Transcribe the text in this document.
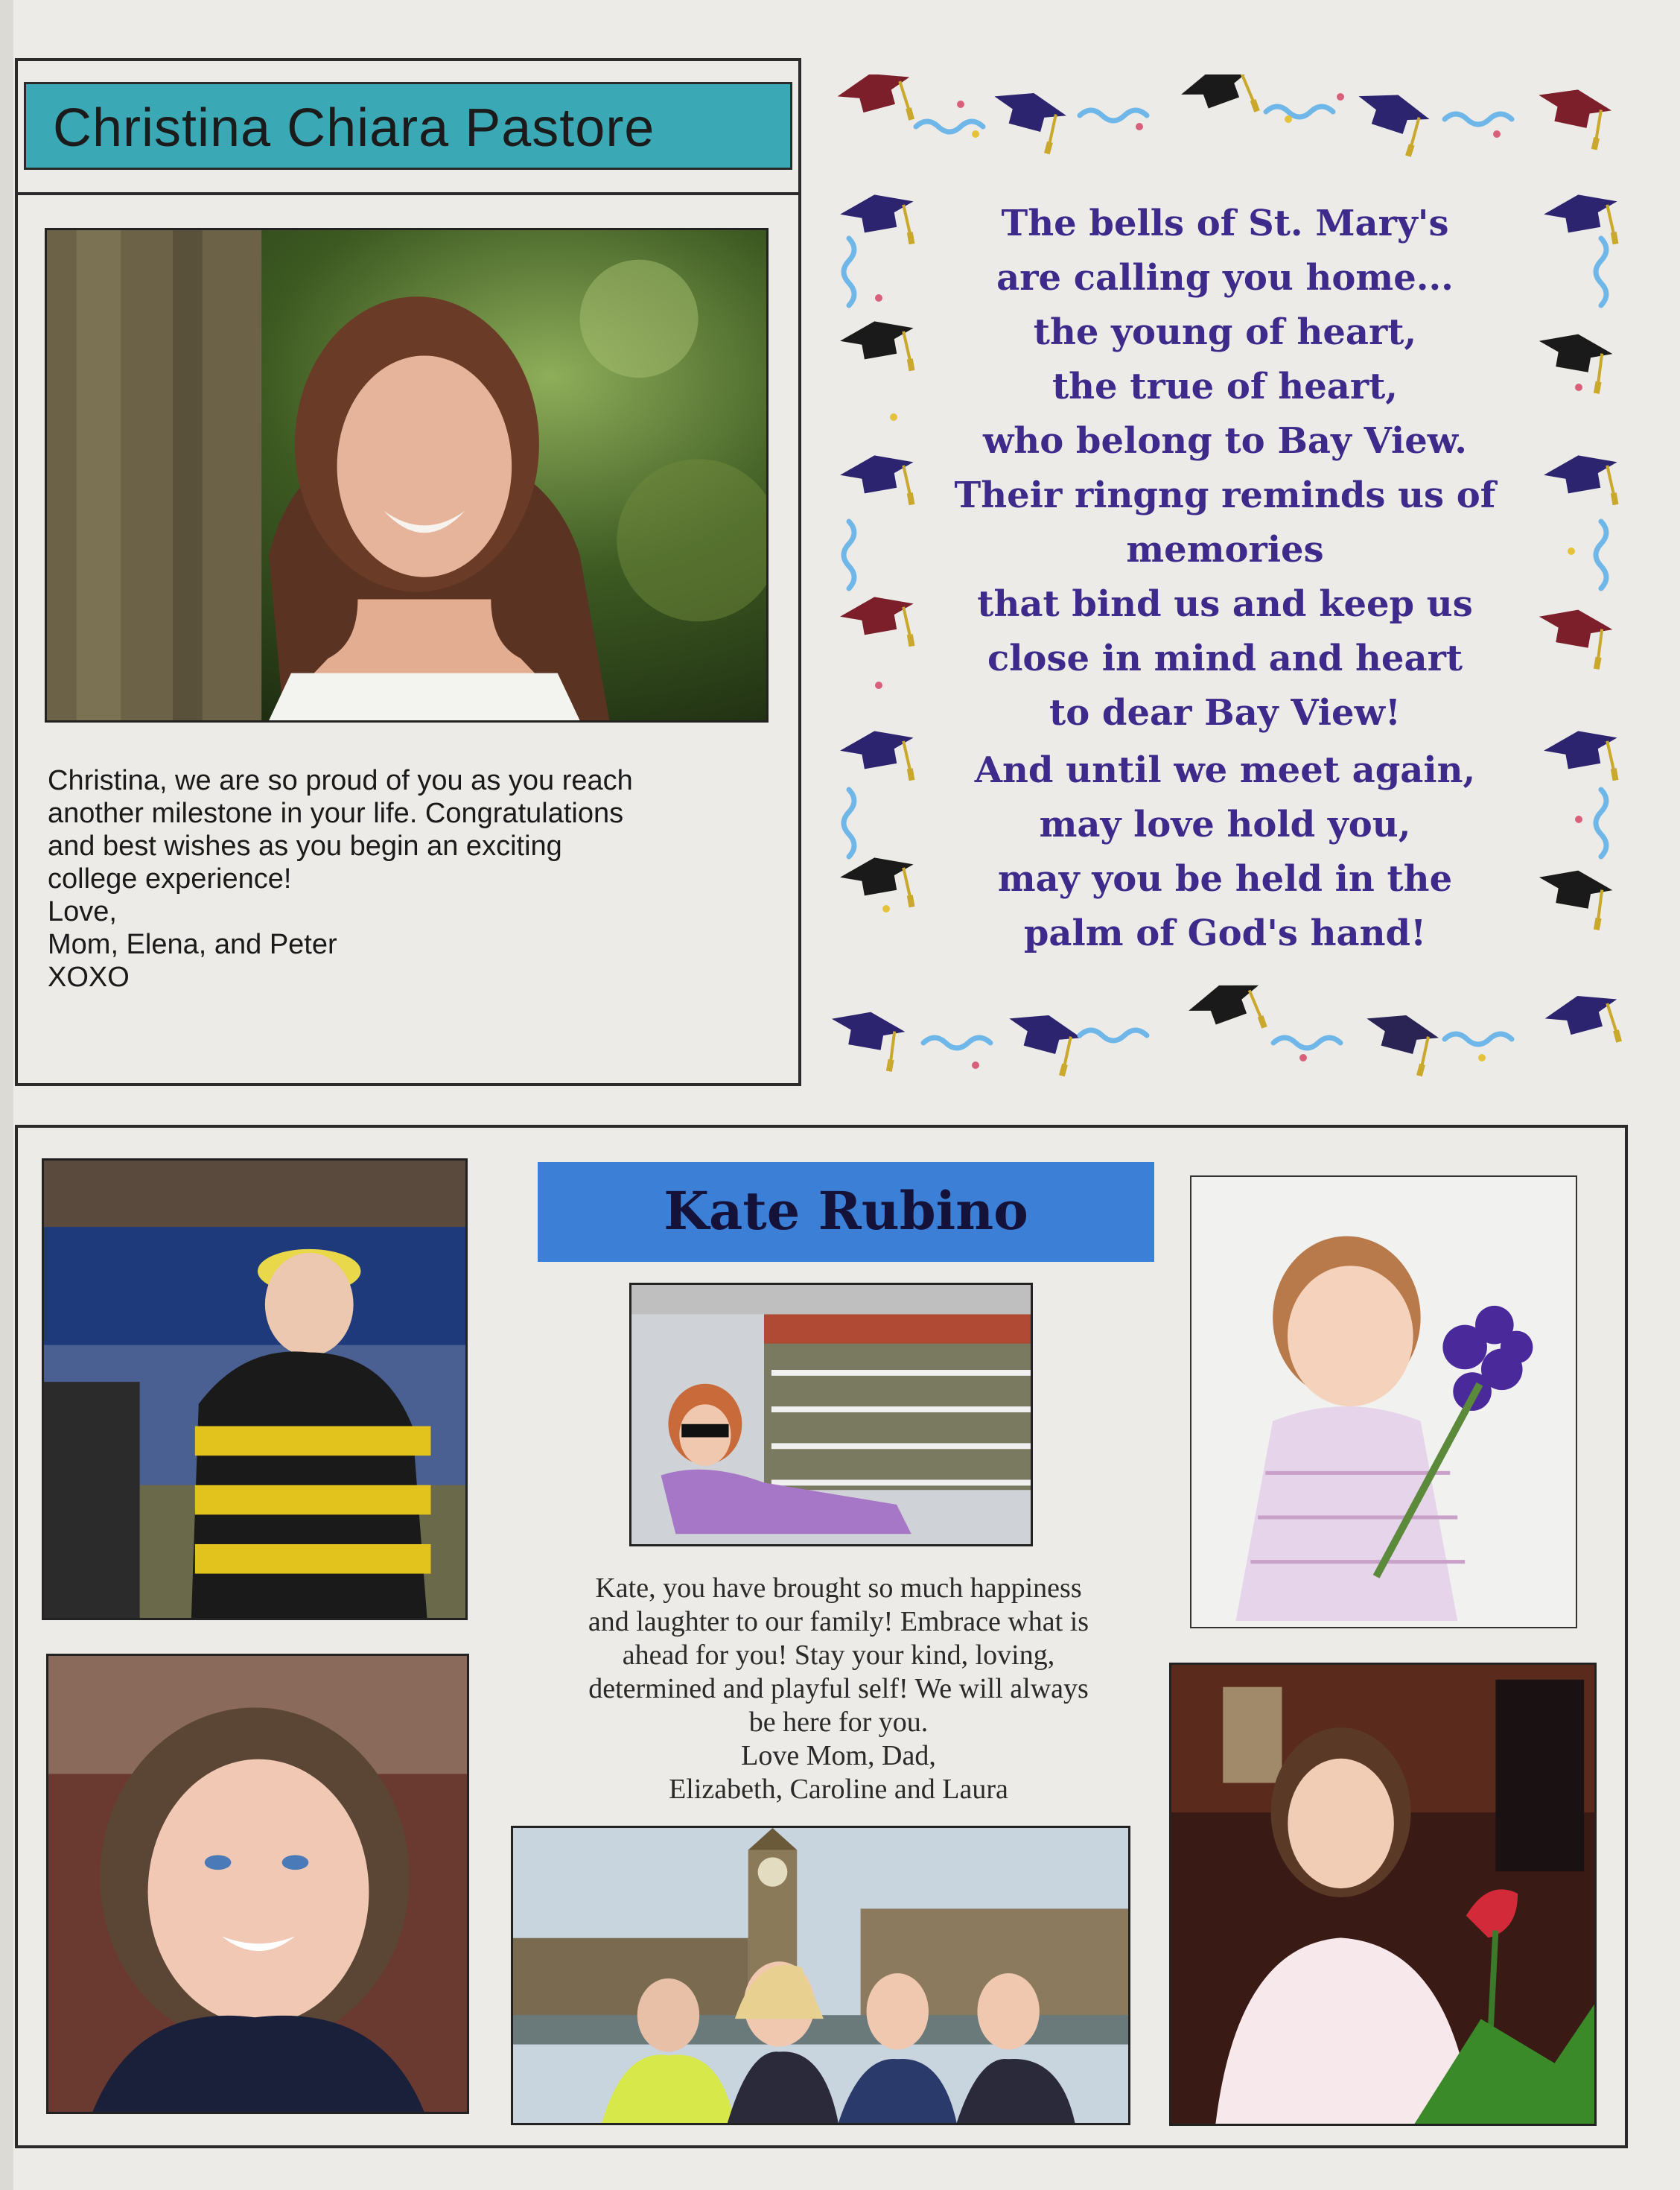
Christina Chiara Pastore
Christina, we are so proud of you as you reach
another milestone in your life. Congratulations
and best wishes as you begin an exciting
college experience!
Love,
Mom, Elena, and Peter
XOXO
The bells of St. Mary's
are calling you home...
the young of heart,
the true of heart,
who belong to Bay View.
Their ringng reminds us of memories
that bind us and keep us
close in mind and heart
to dear Bay View!
And until we meet again,
may love hold you,
may you be held in the
palm of God's hand!
Kate Rubino
Kate, you have brought so much happiness
and laughter to our family! Embrace what is
ahead for you! Stay your kind, loving,
determined and playful self! We will always
be here for you.
Love Mom, Dad,
Elizabeth, Caroline and Laura
